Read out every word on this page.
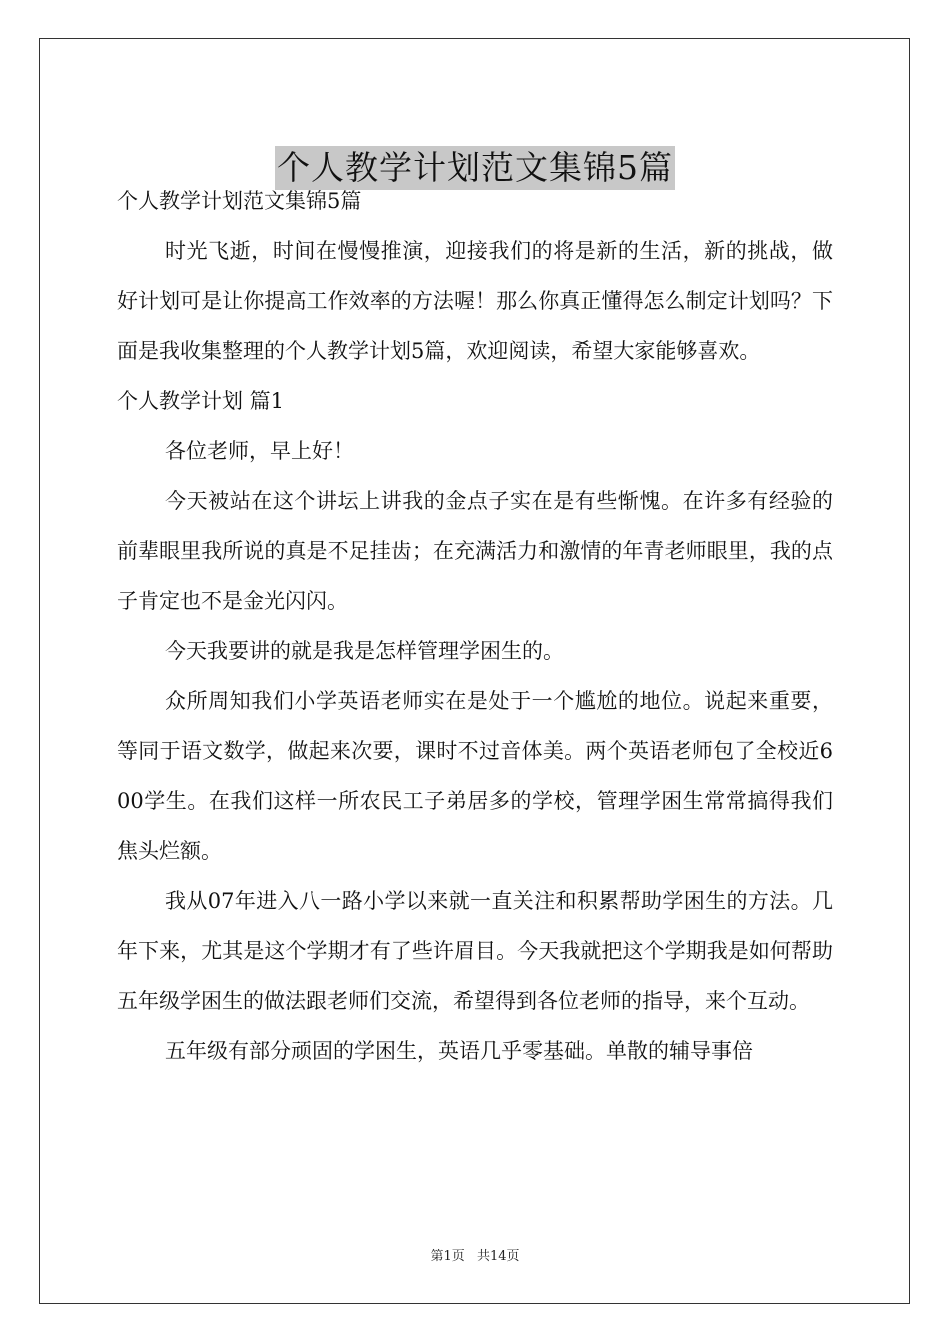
个人教学计划范文集锦5篇

个人教学计划范文集锦5篇

时光飞逝，时间在慢慢推演，迎接我们的将是新的生活，新的挑战，做好计划可是让你提高工作效率的方法喔！那么你真正懂得怎么制定计划吗？下面是我收集整理的个人教学计划5篇，欢迎阅读，希望大家能够喜欢。

个人教学计划 篇1

各位老师，早上好！

今天被站在这个讲坛上讲我的金点子实在是有些惭愧。在许多有经验的前辈眼里我所说的真是不足挂齿；在充满活力和激情的年青老师眼里，我的点子肯定也不是金光闪闪。

今天我要讲的就是我是怎样管理学困生的。

众所周知我们小学英语老师实在是处于一个尴尬的地位。说起来重要，等同于语文数学，做起来次要，课时不过音体美。两个英语老师包了全校近600学生。在我们这样一所农民工子弟居多的学校，管理学困生常常搞得我们焦头烂额。

我从07年进入八一路小学以来就一直关注和积累帮助学困生的方法。几年下来，尤其是这个学期才有了些许眉目。今天我就把这个学期我是如何帮助五年级学困生的做法跟老师们交流，希望得到各位老师的指导，来个互动。

五年级有部分顽固的学困生，英语几乎零基础。单散的辅导事倍

第1页 共14页
